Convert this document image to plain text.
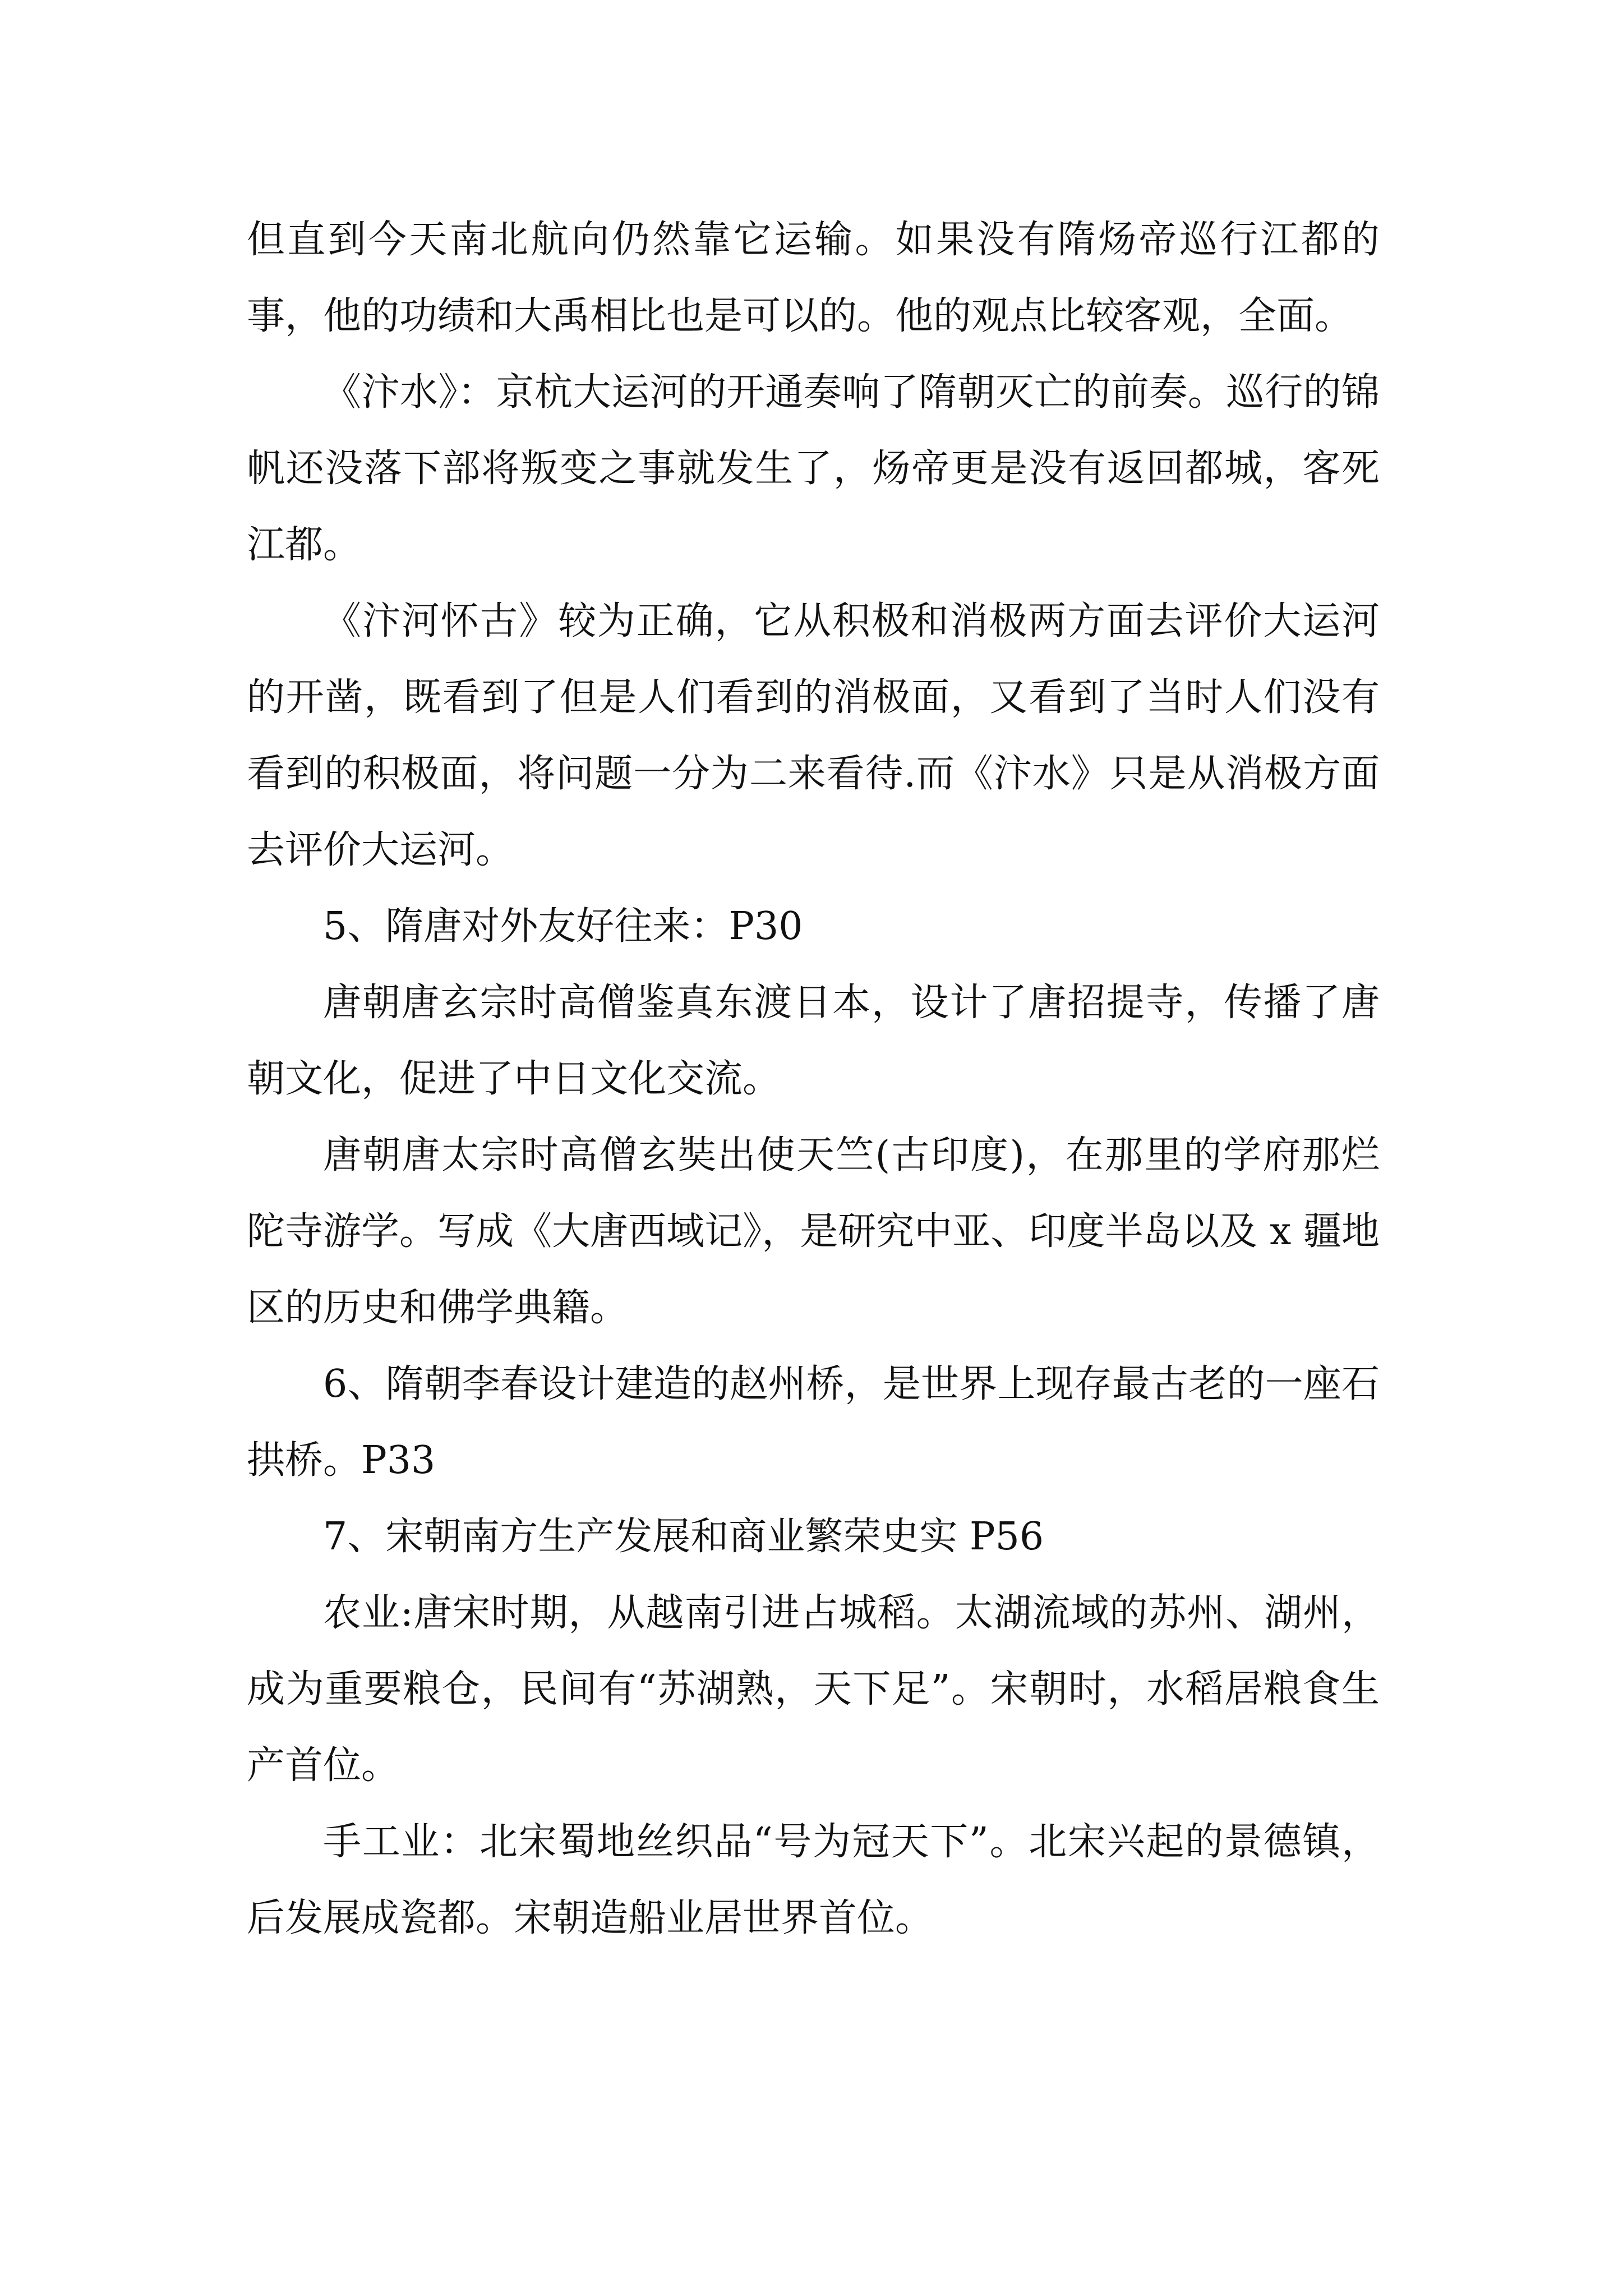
但直到今天南北航向仍然靠它运输。如果没有隋炀帝巡行江都的事，他的功绩和大禹相比也是可以的。他的观点比较客观，全面。

《汴水》：京杭大运河的开通奏响了隋朝灭亡的前奏。巡行的锦帆还没落下部将叛变之事就发生了，炀帝更是没有返回都城，客死江都。

《汴河怀古》较为正确，它从积极和消极两方面去评价大运河的开凿，既看到了但是人们看到的消极面，又看到了当时人们没有看到的积极面，将问题一分为二来看待.而《汴水》只是从消极方面去评价大运河。

5、隋唐对外友好往来：P30

唐朝唐玄宗时高僧鉴真东渡日本，设计了唐招提寺，传播了唐朝文化，促进了中日文化交流。

唐朝唐太宗时高僧玄奘出使天竺(古印度)，在那里的学府那烂陀寺游学。写成《大唐西域记》，是研究中亚、印度半岛以及 x 疆地区的历史和佛学典籍。

6、隋朝李春设计建造的赵州桥，是世界上现存最古老的一座石拱桥。P33

7、宋朝南方生产发展和商业繁荣史实 P56

农业:唐宋时期，从越南引进占城稻。太湖流域的苏州、湖州，成为重要粮仓，民间有“苏湖熟，天下足”。宋朝时，水稻居粮食生产首位。

手工业：北宋蜀地丝织品“号为冠天下”。北宋兴起的景德镇，后发展成瓷都。宋朝造船业居世界首位。
